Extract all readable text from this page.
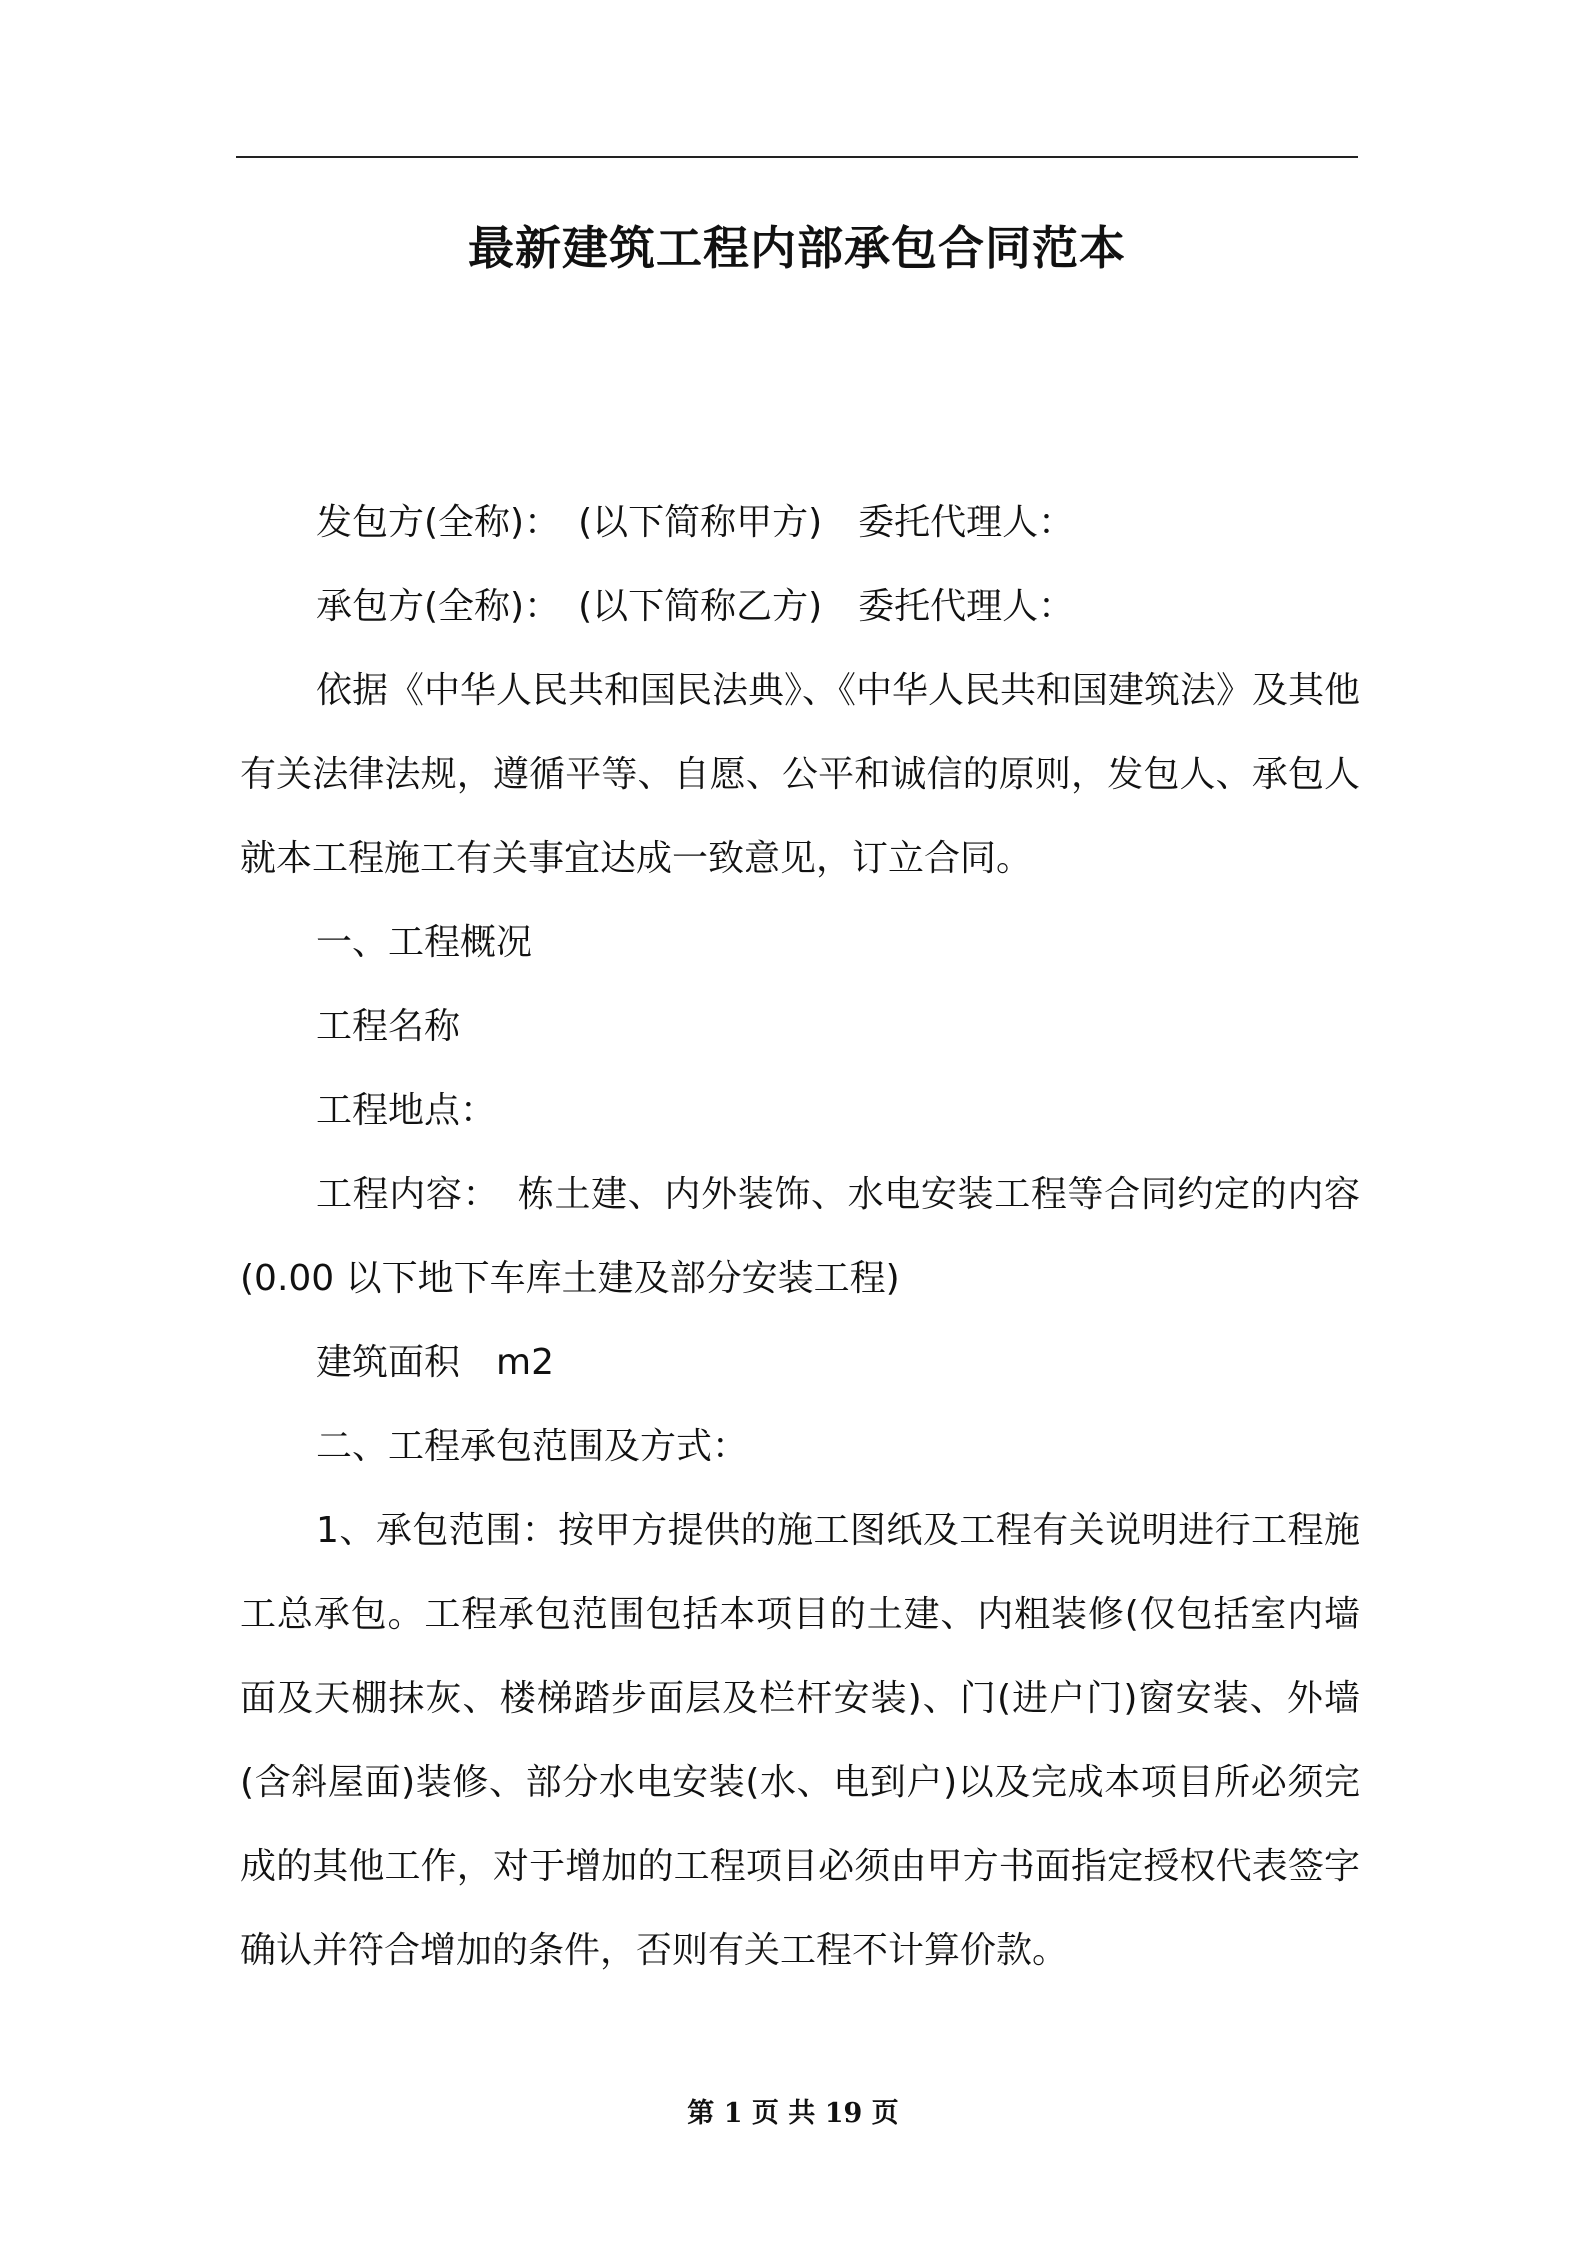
最新建筑工程内部承包合同范本

发包方(全称)：　(以下简称甲方)　委托代理人：

承包方(全称)：　(以下简称乙方)　委托代理人：

依据《中华人民共和国民法典》、《中华人民共和国建筑法》及其他有关法律法规，遵循平等、自愿、公平和诚信的原则，发包人、承包人就本工程施工有关事宜达成一致意见，订立合同。

一、工程概况

工程名称

工程地点：

工程内容：　栋土建、内外装饰、水电安装工程等合同约定的内容(0.00 以下地下车库土建及部分安装工程)

建筑面积　m2

二、工程承包范围及方式：

1、承包范围：按甲方提供的施工图纸及工程有关说明进行工程施工总承包。工程承包范围包括本项目的土建、内粗装修(仅包括室内墙面及天棚抹灰、楼梯踏步面层及栏杆安装)、门(进户门)窗安装、外墙(含斜屋面)装修、部分水电安装(水、电到户)以及完成本项目所必须完成的其他工作，对于增加的工程项目必须由甲方书面指定授权代表签字确认并符合增加的条件，否则有关工程不计算价款。

第 1 页 共 19 页
